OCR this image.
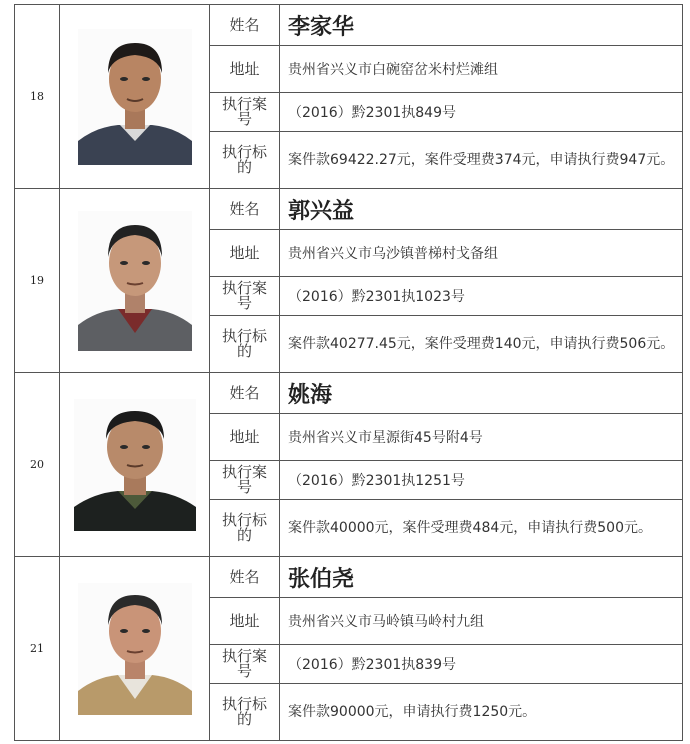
18		姓名	李家华
		地址	贵州省兴义市白碗窑岔米村烂滩组
		执行案号	（2016）黔2301执849号
		执行标的	案件款69422.27元，案件受理费374元，申请执行费947元。
19		姓名	郭兴益
		地址	贵州省兴义市乌沙镇普梯村戈备组
		执行案号	（2016）黔2301执1023号
		执行标的	案件款40277.45元，案件受理费140元，申请执行费506元。
20		姓名	姚海
		地址	贵州省兴义市星源街45号附4号
		执行案号	（2016）黔2301执1251号
		执行标的	案件款40000元，案件受理费484元，申请执行费500元。
21		姓名	张伯尧
		地址	贵州省兴义市马岭镇马岭村九组
		执行案号	（2016）黔2301执839号
		执行标的	案件款90000元，申请执行费1250元。
